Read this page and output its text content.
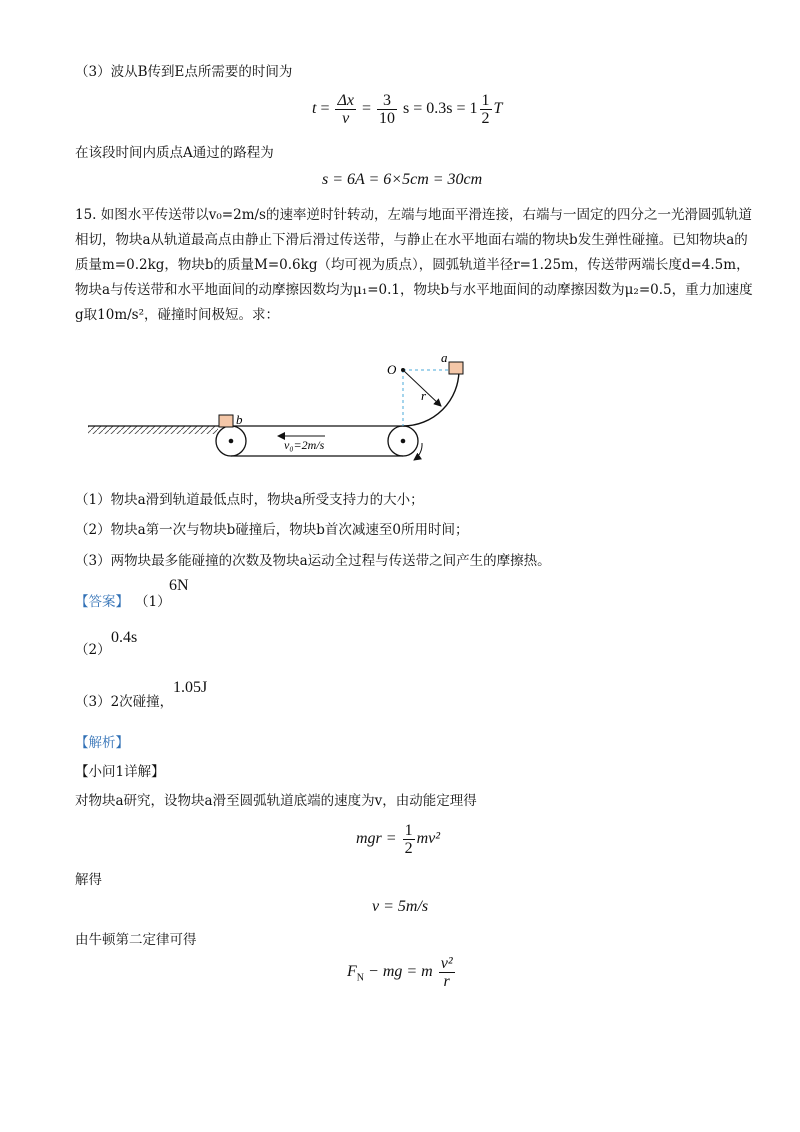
（3）波从B传到E点所需要的时间为
$t = \frac{\Delta x}{v} = \frac{3}{10}$ $s = 0.3s = 1 \frac{1}{2}$ T
在该段时间内质点A通过的路程为
s = 6A = 6×5cm = 30cm
15. 如图水平传送带以v₀=2m/s的速率逆时针转动，左端与地面平滑连接，右端与一固定的四分之一光滑圆弧轨道相切，物块a从轨道最高点由静止下滑后滑过传送带，与静止在水平地面右端的物块b发生弹性碰撞。已知物块a的质量m=0.2kg，物块b的质量M=0.6kg（均可视为质点），圆弧轨道半径r=1.25m，传送带两端长度d=4.5m，物块a与传送带和水平地面间的动摩擦因数均为μ₁=0.1，物块b与水平地面间的动摩擦因数为μ₂=0.5，重力加速度g取10m/s²，碰撞时间极短。求：
v₀=2m/s
b
O
r
a
（1）物块a滑到轨道最低点时，物块a所受支持力的大小；
（2）物块a第一次与物块b碰撞后，物块b首次减速至0所用时间；
（3）两物块最多能碰撞的次数及物块a运动全过程与传送带之间产生的摩擦热。
【答案】 （1）
6N
（2）
0.4s
（3）2次碰撞，
1.05J
【解析】
【小问1详解】
对物块a研究，设物块a滑至圆弧轨道底端的速度为v，由动能定理得
mgr = $\frac{1}{2} mv^2$
解得
v = 5m/s
由牛顿第二定律可得
$F_N$ − mg = m $\frac{\text{v²}}{r}$
